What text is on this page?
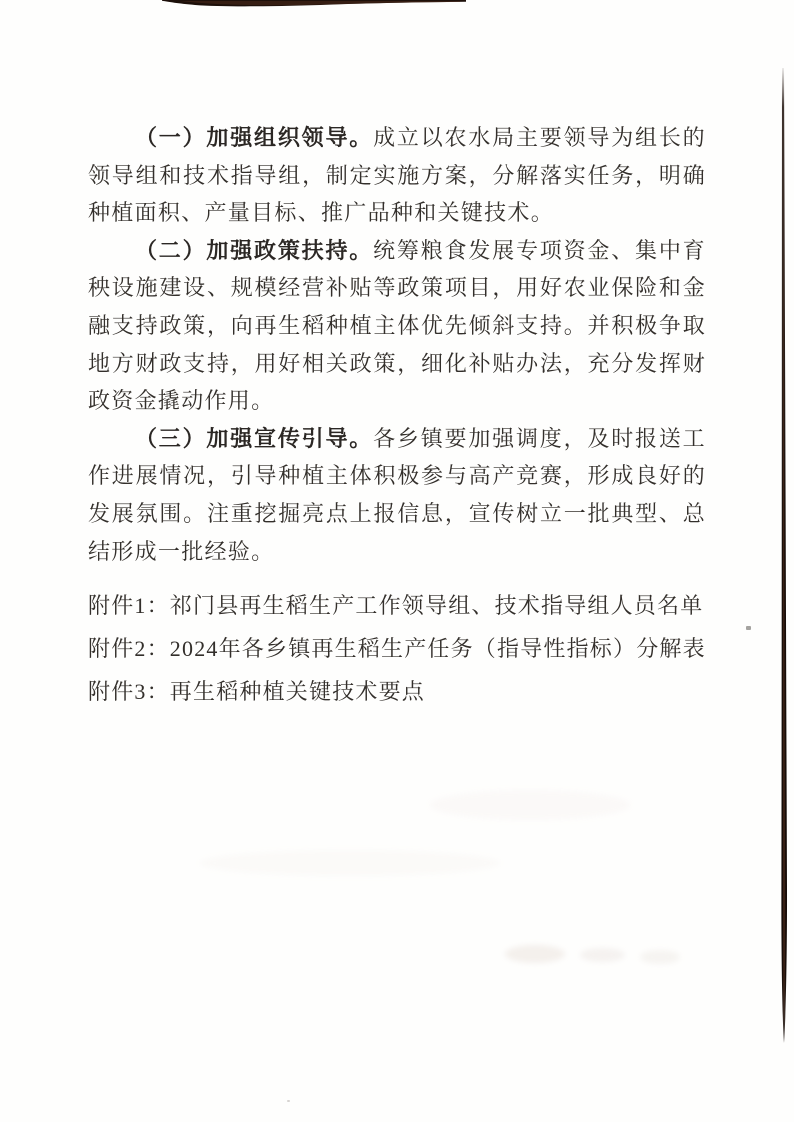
（一）加强组织领导。成立以农水局主要领导为组长的领导组和技术指导组，制定实施方案，分解落实任务，明确种植面积、产量目标、推广品种和关键技术。

（二）加强政策扶持。统筹粮食发展专项资金、集中育秧设施建设、规模经营补贴等政策项目，用好农业保险和金融支持政策，向再生稻种植主体优先倾斜支持。并积极争取地方财政支持，用好相关政策，细化补贴办法，充分发挥财政资金撬动作用。

（三）加强宣传引导。各乡镇要加强调度，及时报送工作进展情况，引导种植主体积极参与高产竞赛，形成良好的发展氛围。注重挖掘亮点上报信息，宣传树立一批典型、总结形成一批经验。

附件1：祁门县再生稻生产工作领导组、技术指导组人员名单

附件2：2024年各乡镇再生稻生产任务（指导性指标）分解表

附件3：再生稻种植关键技术要点
